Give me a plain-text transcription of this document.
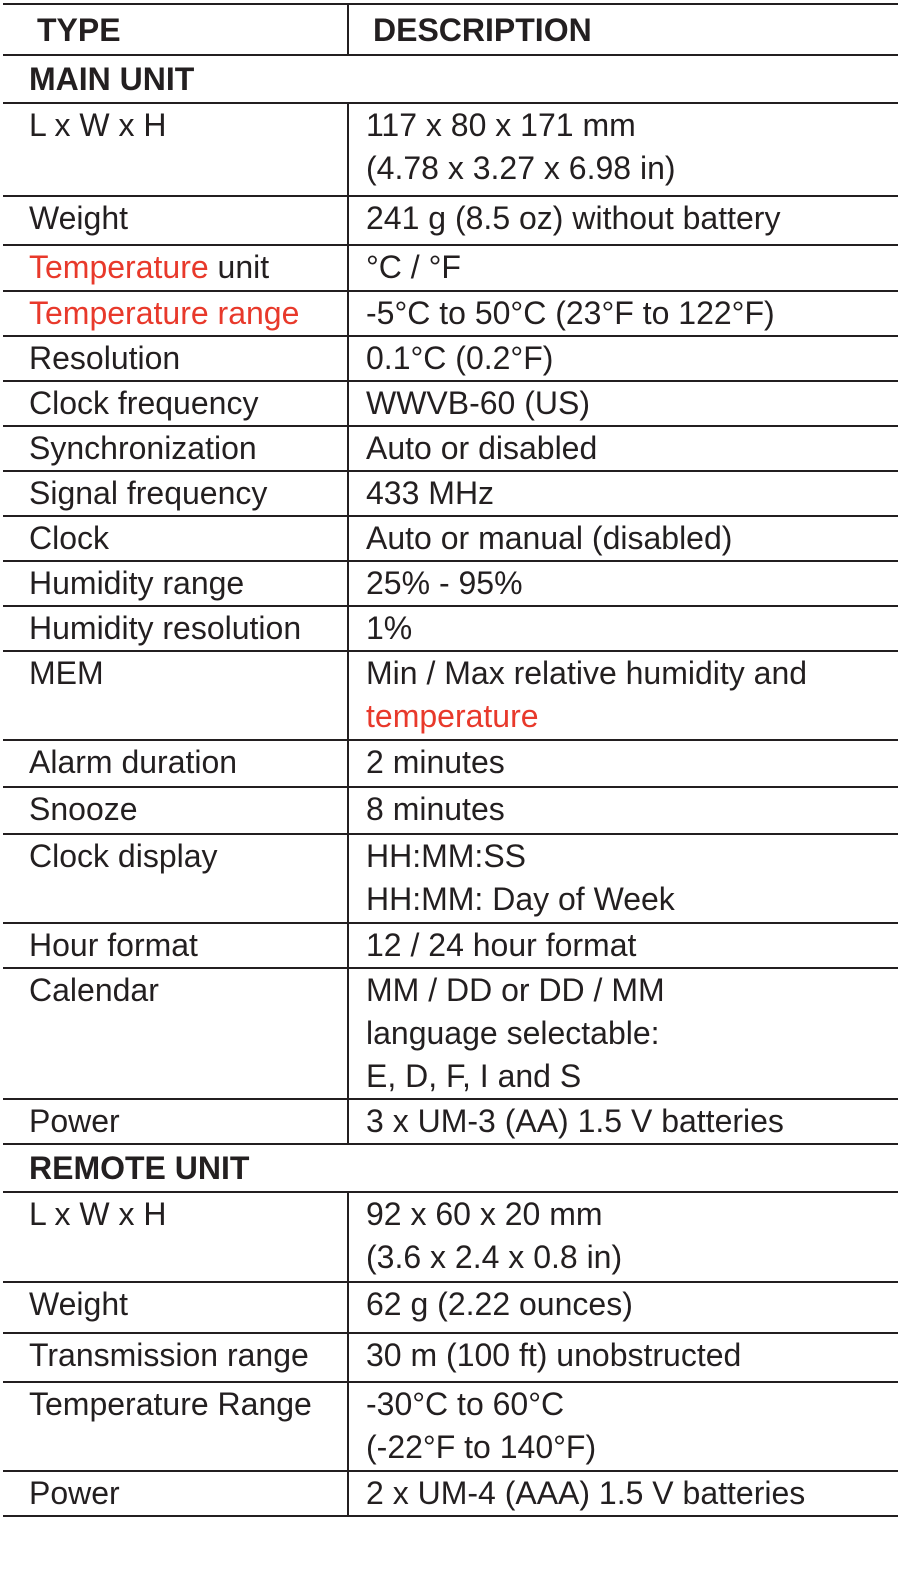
TYPE	DESCRIPTION
MAIN UNIT	
L x W x H	117 x 80 x 171 mm
(4.78 x 3.27 x 6.98 in)

Weight	241 g (8.5 oz) without battery

Temperature unit	°C / °F

Temperature range	-5°C to 50°C (23°F to 122°F)

Resolution	0.1°C (0.2°F)

Clock frequency	WWVB-60 (US)

Synchronization	Auto or disabled

Signal frequency	433 MHz

Clock	Auto or manual (disabled)

Humidity range	25% - 95%

Humidity resolution	1%

MEM	Min / Max relative humidity and
temperature

Alarm duration	2 minutes

Snooze	8 minutes

Clock display	HH:MM:SS
HH:MM: Day of Week

Hour format	12 / 24 hour format

Calendar	MM / DD or DD / MM
language selectable:
E, D, F, I and S

Power	3 x UM-3 (AA) 1.5 V batteries

REMOTE UNIT	
L x W x H	92 x 60 x 20 mm
(3.6 x 2.4 x 0.8 in)

Weight	62 g (2.22 ounces)

Transmission range	30 m (100 ft) unobstructed

Temperature Range	-30°C to 60°C
(-22°F to 140°F)

Power	2 x UM-4 (AAA) 1.5 V batteries
